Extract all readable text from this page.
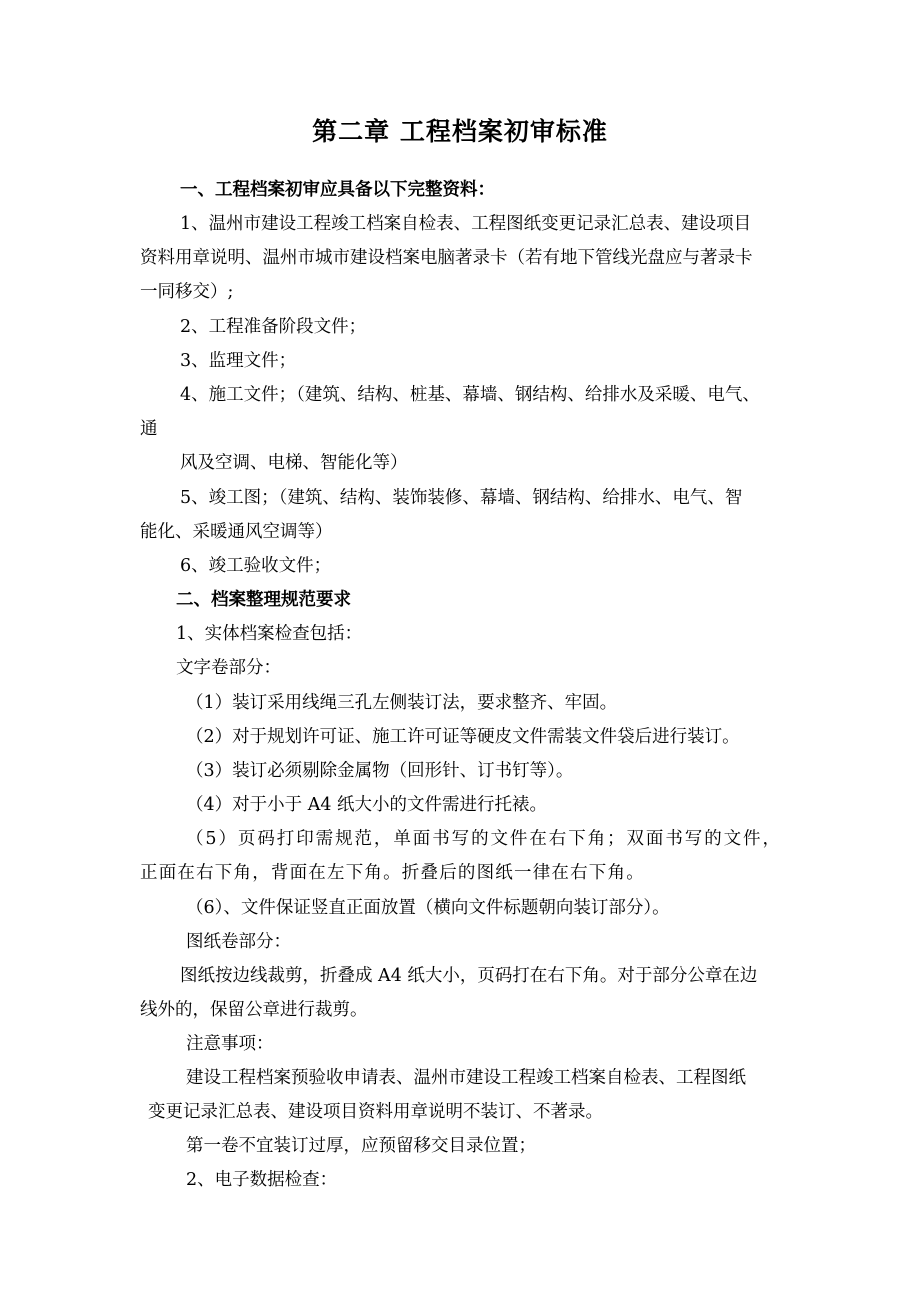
第二章 工程档案初审标准
一、工程档案初审应具备以下完整资料：
1、温州市建设工程竣工档案自检表、工程图纸变更记录汇总表、建设项目
资料用章说明、温州市城市建设档案电脑著录卡（若有地下管线光盘应与著录卡
一同移交）;
2、工程准备阶段文件；
3、监理文件；
4、施工文件；（建筑、结构、桩基、幕墙、钢结构、给排水及采暖、电气、
通
风及空调、电梯、智能化等）
5、竣工图；（建筑、结构、装饰装修、幕墙、钢结构、给排水、电气、智
能化、采暖通风空调等）
6、竣工验收文件；
二、档案整理规范要求
1、实体档案检查包括：
文字卷部分：
（1）装订采用线绳三孔左侧装订法，要求整齐、牢固。
（2）对于规划许可证、施工许可证等硬皮文件需装文件袋后进行装订。
（3）装订必须剔除金属物（回形针、订书钉等）。
（4）对于小于 A4 纸大小的文件需进行托裱。
（5）页码打印需规范，单面书写的文件在右下角；双面书写的文件，
正面在右下角，背面在左下角。折叠后的图纸一律在右下角。
（6）、文件保证竖直正面放置（横向文件标题朝向装订部分）。
图纸卷部分：
图纸按边线裁剪，折叠成 A4 纸大小，页码打在右下角。对于部分公章在边
线外的，保留公章进行裁剪。
注意事项：
建设工程档案预验收申请表、温州市建设工程竣工档案自检表、工程图纸
变更记录汇总表、建设项目资料用章说明不装订、不著录。
第一卷不宜装订过厚，应预留移交目录位置；
2、电子数据检查：
